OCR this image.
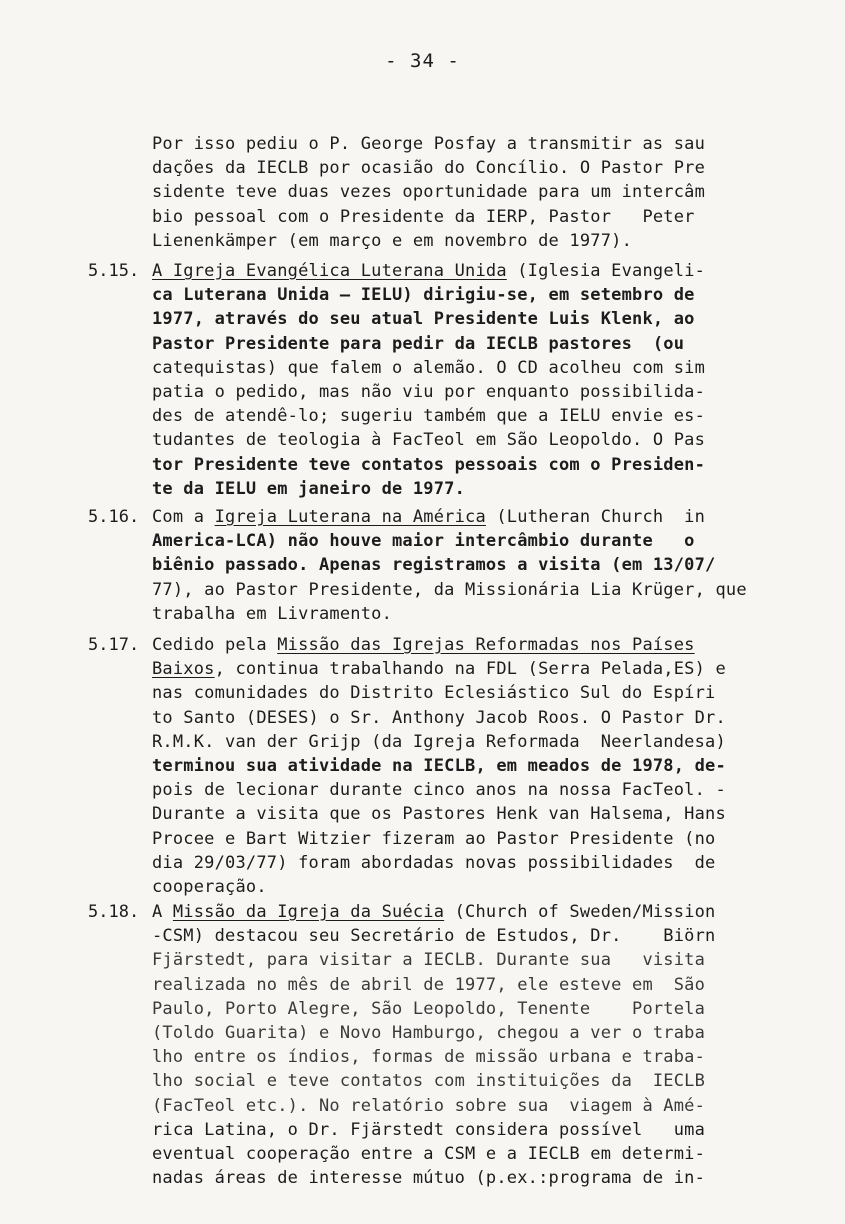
- 34 -
Por isso pediu o P. George Posfay a transmitir as sau
dações da IECLB por ocasião do Concílio. O Pastor Pre
sidente teve duas vezes oportunidade para um intercâm
bio pessoal com o Presidente da IERP, Pastor   Peter
Lienenkämper (em março e em novembro de 1977).
5.15. A Igreja Evangélica Luterana Unida (Iglesia Evangeli-
ca Luterana Unida – IELU) dirigiu-se, em setembro de
1977, através do seu atual Presidente Luis Klenk, ao
Pastor Presidente para pedir da IECLB pastores  (ou
catequistas) que falem o alemão. O CD acolheu com sim
patia o pedido, mas não viu por enquanto possibilida-
des de atendê-lo; sugeriu também que a IELU envie es-
tudantes de teologia à FacTeol em São Leopoldo. O Pas
tor Presidente teve contatos pessoais com o Presiden-
te da IELU em janeiro de 1977.
5.16. Com a Igreja Luterana na América (Lutheran Church  in
America-LCA) não houve maior intercâmbio durante   o
biênio passado. Apenas registramos a visita (em 13/07/
77), ao Pastor Presidente, da Missionária Lia Krüger, que
trabalha em Livramento.
5.17. Cedido pela Missão das Igrejas Reformadas nos Países
Baixos, continua trabalhando na FDL (Serra Pelada,ES) e
nas comunidades do Distrito Eclesiástico Sul do Espíri
to Santo (DESES) o Sr. Anthony Jacob Roos. O Pastor Dr.
R.M.K. van der Grijp (da Igreja Reformada  Neerlandesa)
terminou sua atividade na IECLB, em meados de 1978, de-
pois de lecionar durante cinco anos na nossa FacTeol. -
Durante a visita que os Pastores Henk van Halsema, Hans
Procee e Bart Witzier fizeram ao Pastor Presidente (no
dia 29/03/77) foram abordadas novas possibilidades  de
cooperação.
5.18. A Missão da Igreja da Suécia (Church of Sweden/Mission
-CSM) destacou seu Secretário de Estudos, Dr.    Biörn
Fjärstedt, para visitar a IECLB. Durante sua   visita
realizada no mês de abril de 1977, ele esteve em  São
Paulo, Porto Alegre, São Leopoldo, Tenente    Portela
(Toldo Guarita) e Novo Hamburgo, chegou a ver o traba
lho entre os índios, formas de missão urbana e traba-
lho social e teve contatos com instituições da  IECLB
(FacTeol etc.). No relatório sobre sua  viagem à Amé-
rica Latina, o Dr. Fjärstedt considera possível   uma
eventual cooperação entre a CSM e a IECLB em determi-
nadas áreas de interesse mútuo (p.ex.:programa de in-
